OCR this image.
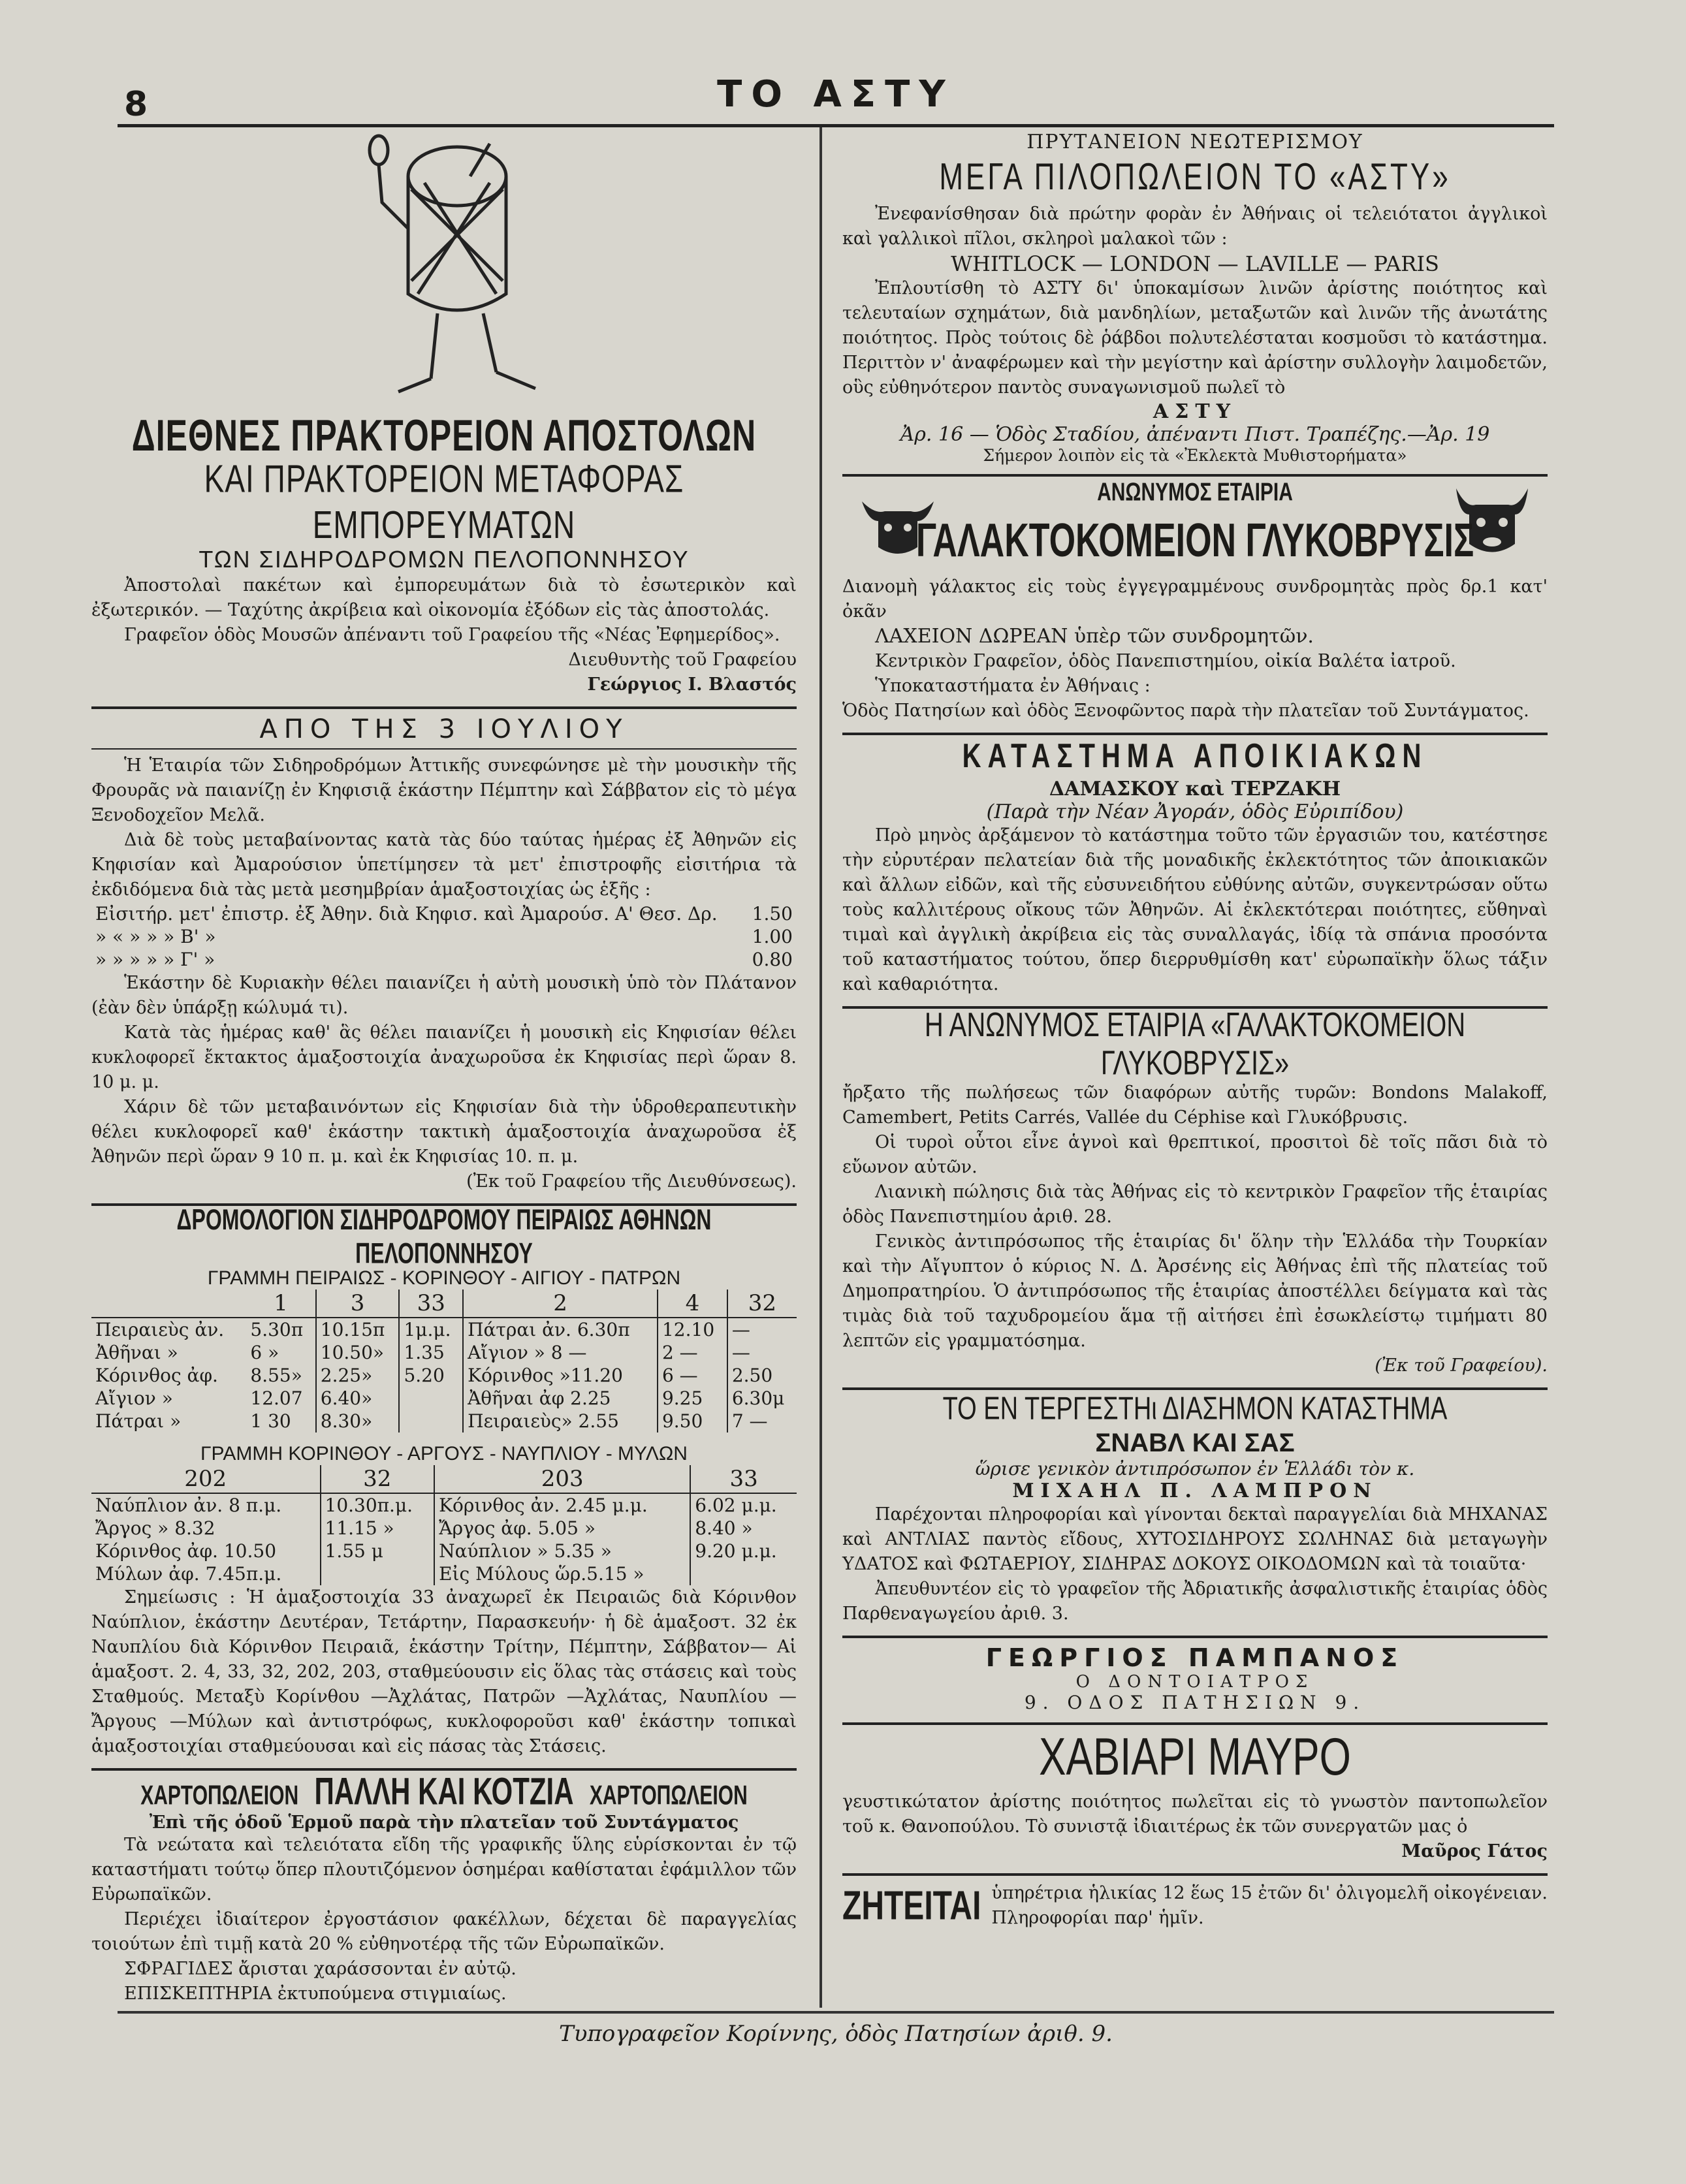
8	ΤΟ ΑΣΤΥ
ΔΙΕΘΝΕΣ ΠΡΑΚΤΟΡΕΙΟΝ ΑΠΟΣΤΟΛΩΝ
ΚΑΙ ΠΡΑΚΤΟΡΕΙΟΝ ΜΕΤΑΦΟΡΑΣ ΕΜΠΟΡΕΥΜΑΤΩΝ
ΤΩΝ ΣΙΔΗΡΟΔΡΟΜΩΝ ΠΕΛΟΠΟΝΝΗΣΟΥ
Ἀποστολαὶ πακέτων καὶ ἐμπορευμάτων διὰ τὸ ἐσωτερικὸν καὶ ἐξωτερικόν. — Ταχύτης ἀκρίβεια καὶ οἰκονομία ἐξόδων εἰς τὰς ἀποστολάς.
Γραφεῖον ὁδὸς Μουσῶν ἀπέναντι τοῦ Γραφείου τῆς «Νέας Ἐφημερίδος».
Διευθυντὴς τοῦ Γραφείου
Γεώργιος Ι. Βλαστός
ΑΠΟ ΤΗΣ 3 ΙΟΥΛΙΟΥ
Ἡ Ἑταιρία τῶν Σιδηροδρόμων Ἀττικῆς συνεφώνησε μὲ τὴν μουσικὴν τῆς Φρουρᾶς νὰ παιανίζῃ ἐν Κηφισιᾷ ἑκάστην Πέμπτην καὶ Σάββατον εἰς τὸ μέγα Ξενοδοχεῖον Μελᾶ.
Διὰ δὲ τοὺς μεταβαίνοντας κατὰ τὰς δύο ταύτας ἡμέρας ἐξ Ἀθηνῶν εἰς Κηφισίαν καὶ Ἀμαρούσιον ὑπετίμησεν τὰ μετ' ἐπιστροφῆς εἰσιτήρια τὰ ἐκδιδόμενα διὰ τὰς μετὰ μεσημβρίαν ἁμαξοστοιχίας ὡς ἑξῆς :
Εἰσιτήρ. μετ' ἐπιστρ. ἐξ Ἀθην. διὰ Κηφισ. καὶ Ἀμαρούσ. Α' Θεσ. Δρ.	1.50
» « » » » Β' »	1.00
» » » » » Γ' »	0.80
Ἑκάστην δὲ Κυριακὴν θέλει παιανίζει ἡ αὐτὴ μουσικὴ ὑπὸ τὸν Πλάτανον (ἐὰν δὲν ὑπάρξῃ κώλυμά τι).
Κατὰ τὰς ἡμέρας καθ' ἃς θέλει παιανίζει ἡ μουσικὴ εἰς Κηφισίαν θέλει κυκλοφορεῖ ἔκτακτος ἁμαξοστοιχία ἀναχωροῦσα ἐκ Κηφισίας περὶ ὥραν 8. 10 μ. μ.
Χάριν δὲ τῶν μεταβαινόντων εἰς Κηφισίαν διὰ τὴν ὑδροθεραπευτικὴν θέλει κυκλοφορεῖ καθ' ἑκάστην τακτικὴ ἁμαξοστοιχία ἀναχωροῦσα ἐξ Ἀθηνῶν περὶ ὥραν 9 10 π. μ. καὶ ἐκ Κηφισίας 10. π. μ.
(Ἐκ τοῦ Γραφείου τῆς Διευθύνσεως).
ΔΡΟΜΟΛΟΓΙΟΝ ΣΙΔΗΡΟΔΡΟΜΟΥ ΠΕΙΡΑΙΩΣ ΑΘΗΝΩΝ ΠΕΛΟΠΟΝΝΗΣΟΥ
ΓΡΑΜΜΗ ΠΕΙΡΑΙΩΣ - ΚΟΡΙΝΘΟΥ - ΑΙΓΙΟΥ - ΠΑΤΡΩΝ
	1	3	33	2	4	32
Πειραιεὺς ἀν.	5.30π	10.15π	1μ.μ.	Πάτραι ἀν. 6.30π	12.10	—
Ἀθῆναι »	6 »	10.50»	1.35	Αἴγιον » 8 —	2 —	—
Κόρινθος ἀφ.	8.55»	2.25»	5.20	Κόρινθος »11.20	6 —	2.50
Αἴγιον »	12.07	6.40»		Ἀθῆναι ἀφ 2.25	9.25	6.30μ
Πάτραι »	1 30	8.30»		Πειραιεὺς» 2.55	9.50	7 —
ΓΡΑΜΜΗ ΚΟΡΙΝΘΟΥ - ΑΡΓΟΥΣ - ΝΑΥΠΛΙΟΥ - ΜΥΛΩΝ
202	32	203	33
Ναύπλιον ἀν. 8 π.μ.	10.30π.μ.	Κόρινθος ἀν. 2.45 μ.μ.	6.02 μ.μ.
Ἄργος » 8.32	11.15 »	Ἄργος ἀφ. 5.05 »	8.40 »
Κόρινθος ἀφ. 10.50	1.55 μ	Ναύπλιον » 5.35 »	9.20 μ.μ.
Μύλων ἀφ. 7.45π.μ.		Εἰς Μύλους ὥρ.5.15 »	
Σημείωσις : Ἡ ἁμαξοστοιχία 33 ἀναχωρεῖ ἐκ Πειραιῶς διὰ Κόρινθον Ναύπλιον, ἑκάστην Δευτέραν, Τετάρτην, Παρασκευήν· ἡ δὲ ἁμαξοστ. 32 ἐκ Ναυπλίου διὰ Κόρινθον Πειραιᾶ, ἑκάστην Τρίτην, Πέμπτην, Σάββατον— Αἱ ἁμαξοστ. 2. 4, 33, 32, 202, 203, σταθμεύουσιν εἰς ὅλας τὰς στάσεις καὶ τοὺς Σταθμούς. Μεταξὺ Κορίνθου —Ἀχλάτας, Πατρῶν —Ἀχλάτας, Ναυπλίου —Ἄργους —Μύλων καὶ ἀντιστρόφως, κυκλοφοροῦσι καθ' ἑκάστην τοπικαὶ ἁμαξοστοιχίαι σταθμεύουσαι καὶ εἰς πάσας τὰς Στάσεις.
ΧΑΡΤΟΠΩΛΕΙΟΝ ΠΑΛΛΗ ΚΑΙ ΚΟΤΖΙΑ ΧΑΡΤΟΠΩΛΕΙΟΝ
Ἐπὶ τῆς ὁδοῦ Ἑρμοῦ παρὰ τὴν πλατεῖαν τοῦ Συντάγματος
Τὰ νεώτατα καὶ τελειότατα εἴδη τῆς γραφικῆς ὕλης εὑρίσκονται ἐν τῷ καταστήματι τούτῳ ὅπερ πλουτιζόμενον ὁσημέραι καθίσταται ἐφάμιλλον τῶν Εὐρωπαϊκῶν.
Περιέχει ἰδιαίτερον ἐργοστάσιον φακέλλων, δέχεται δὲ παραγγελίας τοιούτων ἐπὶ τιμῇ κατὰ 20 % εὐθηνοτέρᾳ τῆς τῶν Εὐρωπαϊκῶν.
ΣΦΡΑΓΙΔΕΣ ἄρισται χαράσσονται ἐν αὐτῷ.
ΕΠΙΣΚΕΠΤΗΡΙΑ ἐκτυπούμενα στιγμιαίως.
ΠΡΥΤΑΝΕΙΟΝ ΝΕΩΤΕΡΙΣΜΟΥ
ΜΕΓΑ ΠΙΛΟΠΩΛΕΙΟΝ ΤΟ «ΑΣΤΥ»
Ἐνεφανίσθησαν διὰ πρώτην φορὰν ἐν Ἀθήναις οἱ τελειότατοι ἀγγλικοὶ καὶ γαλλικοὶ πῖλοι, σκληροὶ μαλακοὶ τῶν :
WHITLOCK — LONDON — LAVILLE — PARIS
Ἐπλουτίσθη τὸ ΑΣΤΥ δι' ὑποκαμίσων λινῶν ἀρίστης ποιότητος καὶ τελευταίων σχημάτων, διὰ μανδηλίων, μεταξωτῶν καὶ λινῶν τῆς ἀνωτάτης ποιότητος. Πρὸς τούτοις δὲ ῥάβδοι πολυτελέσταται κοσμοῦσι τὸ κατάστημα. Περιττὸν ν' ἀναφέρωμεν καὶ τὴν μεγίστην καὶ ἀρίστην συλλογὴν λαιμοδετῶν, οὓς εὐθηνότερον παντὸς συναγωνισμοῦ πωλεῖ τὸ
ΑΣΤΥ
Ἀρ. 16 — Ὁδὸς Σταδίου, ἀπέναντι Πιστ. Τραπέζης.—Ἀρ. 19
Σήμερον λοιπὸν εἰς τὰ «Ἐκλεκτὰ Μυθιστορήματα»
ΑΝΩΝΥΜΟΣ ΕΤΑΙΡΙΑ
ΓΑΛΑΚΤΟΚΟΜΕΙΟΝ ΓΛΥΚΟΒΡΥΣΙΣ
Διανομὴ γάλακτος εἰς τοὺς ἐγγεγραμμένους συνδρομητὰς πρὸς δρ.1 κατ' ὀκᾶν
ΛΑΧΕΙΟΝ ΔΩΡΕΑΝ ὑπὲρ τῶν συνδρομητῶν.
Κεντρικὸν Γραφεῖον, ὁδὸς Πανεπιστημίου, οἰκία Βαλέτα ἰατροῦ.
Ὑποκαταστήματα ἐν Ἀθήναις :
Ὁδὸς Πατησίων καὶ ὁδὸς Ξενοφῶντος παρὰ τὴν πλατεῖαν τοῦ Συντάγματος.
ΚΑΤΑΣΤΗΜΑ ΑΠΟΙΚΙΑΚΩΝ
ΔΑΜΑΣΚΟΥ καὶ ΤΕΡΖΑΚΗ
(Παρὰ τὴν Νέαν Ἀγοράν, ὁδὸς Εὐριπίδου)
Πρὸ μηνὸς ἀρξάμενον τὸ κατάστημα τοῦτο τῶν ἐργασιῶν του, κατέστησε τὴν εὐρυτέραν πελατείαν διὰ τῆς μοναδικῆς ἐκλεκτότητος τῶν ἀποικιακῶν καὶ ἄλλων εἰδῶν, καὶ τῆς εὐσυνειδήτου εὐθύνης αὐτῶν, συγκεντρώσαν οὕτω τοὺς καλλιτέρους οἴκους τῶν Ἀθηνῶν. Αἱ ἐκλεκτότεραι ποιότητες, εὔθηναὶ τιμαὶ καὶ ἀγγλικὴ ἀκρίβεια εἰς τὰς συναλλαγάς, ἰδίᾳ τὰ σπάνια προσόντα τοῦ καταστήματος τούτου, ὅπερ διερρυθμίσθη κατ' εὐρωπαϊκὴν ὅλως τάξιν καὶ καθαριότητα.
Η ΑΝΩΝΥΜΟΣ ΕΤΑΙΡΙΑ «ΓΑΛΑΚΤΟΚΟΜΕΙΟΝ ΓΛΥΚΟΒΡΥΣΙΣ»
ἤρξατο τῆς πωλήσεως τῶν διαφόρων αὐτῆς τυρῶν: Bondons Malakoff, Camembert, Petits Carrés, Vallée du Céphise καὶ Γλυκόβρυσις.
Οἱ τυροὶ οὗτοι εἶνε ἁγνοὶ καὶ θρεπτικοί, προσιτοὶ δὲ τοῖς πᾶσι διὰ τὸ εὔωνον αὐτῶν.
Λιανικὴ πώλησις διὰ τὰς Ἀθήνας εἰς τὸ κεντρικὸν Γραφεῖον τῆς ἑταιρίας ὁδὸς Πανεπιστημίου ἀριθ. 28.
Γενικὸς ἀντιπρόσωπος τῆς ἑταιρίας δι' ὅλην τὴν Ἑλλάδα τὴν Τουρκίαν καὶ τὴν Αἴγυπτον ὁ κύριος Ν. Δ. Ἀρσένης εἰς Ἀθήνας ἐπὶ τῆς πλατείας τοῦ Δημοπρατηρίου. Ὁ ἀντιπρόσωπος τῆς ἑταιρίας ἀποστέλλει δείγματα καὶ τὰς τιμὰς διὰ τοῦ ταχυδρομείου ἅμα τῇ αἰτήσει ἐπὶ ἐσωκλείστῳ τιμήματι 80 λεπτῶν εἰς γραμματόσημα.
(Ἐκ τοῦ Γραφείου).
ΤΟ ΕΝ ΤΕΡΓΕΣΤΗι ΔΙΑΣΗΜΟΝ ΚΑΤΑΣΤΗΜΑ
ΣΝΑΒΛ ΚΑΙ ΣΑΣ
ὥρισε γενικὸν ἀντιπρόσωπον ἐν Ἑλλάδι τὸν κ.
ΜΙΧΑΗΛ Π. ΛΑΜΠΡΟΝ
Παρέχονται πληροφορίαι καὶ γίνονται δεκταὶ παραγγελίαι διὰ ΜΗΧΑΝΑΣ καὶ ΑΝΤΛΙΑΣ παντὸς εἴδους, ΧΥΤΟΣΙΔΗΡΟΥΣ ΣΩΛΗΝΑΣ διὰ μεταγωγὴν ΥΔΑΤΟΣ καὶ ΦΩΤΑΕΡΙΟΥ, ΣΙΔΗΡΑΣ ΔΟΚΟΥΣ ΟΙΚΟΔΟΜΩΝ καὶ τὰ τοιαῦτα·
Ἀπευθυντέον εἰς τὸ γραφεῖον τῆς Ἀδριατικῆς ἀσφαλιστικῆς ἑταιρίας ὁδὸς Παρθεναγωγείου ἀριθ. 3.
ΓΕΩΡΓΙΟΣ ΠΑΜΠΑΝΟΣ
Ο ΔΟΝΤΟΙΑΤΡΟΣ
9. ΟΔΟΣ ΠΑΤΗΣΙΩΝ 9.
ΧΑΒΙΑΡΙ ΜΑΥΡΟ
γευστικώτατον ἀρίστης ποιότητος πωλεῖται εἰς τὸ γνωστὸν παντοπωλεῖον τοῦ κ. Θανοπούλου. Τὸ συνιστᾷ ἰδιαιτέρως ἐκ τῶν συνεργατῶν μας ὁ
Μαῦρος Γάτος
ΖΗΤΕΙΤΑΙ ὑπηρέτρια ἡλικίας 12 ἕως 15 ἐτῶν δι' ὀλιγομελῆ οἰκογένειαν. Πληροφορίαι παρ' ἡμῖν.
Τυπογραφεῖον Κορίννης, ὁδὸς Πατησίων ἀριθ. 9.
